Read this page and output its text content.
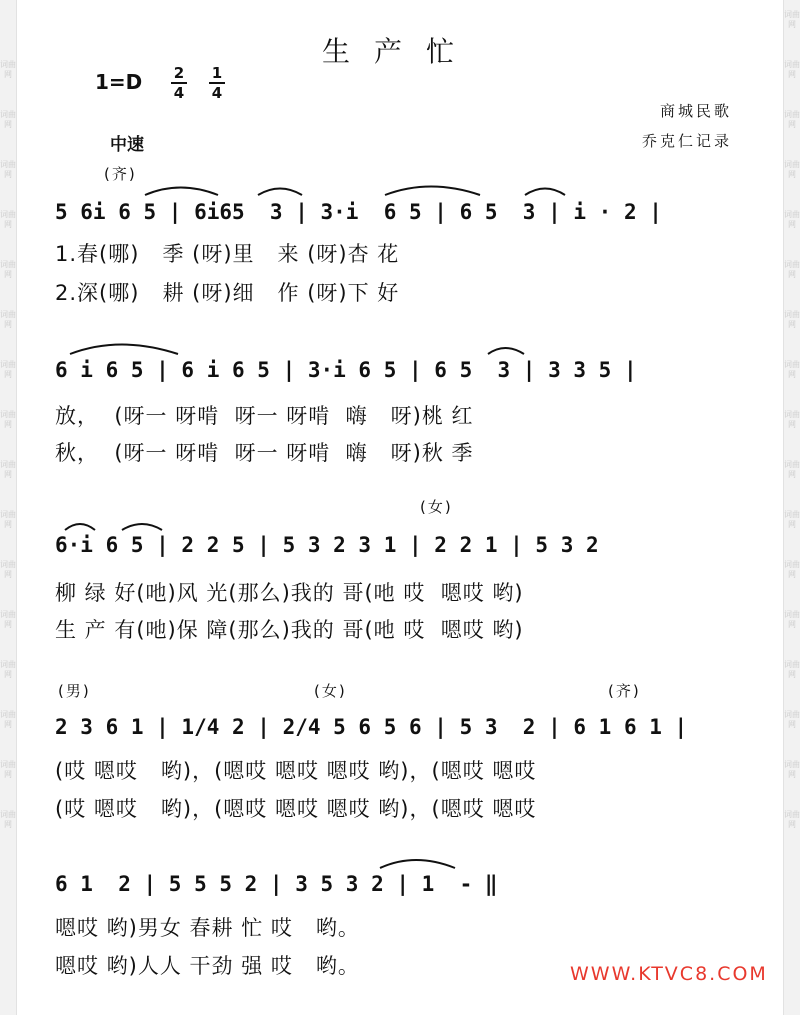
词曲网
词曲网
词曲网
词曲网
词曲网
词曲网
词曲网
词曲网
词曲网
词曲网
词曲网
词曲网
词曲网
词曲网
词曲网
词曲网
词曲网
词曲网
词曲网
词曲网
词曲网
词曲网
词曲网
词曲网
词曲网
词曲网
词曲网
词曲网
词曲网
词曲网
词曲网
词曲网
词曲网
生产忙
1=D 2
4
1
4
商城民歌
乔克仁记录
中速
(齐)
5 6i 6 5 | 6i65  3 | 3·i  6 5 | 6 5  3 | i · 2 |
1.春(哪)   季 (呀)里   来 (呀)杏 花
2.深(哪)   耕 (呀)细   作 (呀)下 好
6 i 6 5 | 6 i 6 5 | 3·i 6 5 | 6 5  3 | 3 3 5 |
放，  (呀一 呀啃  呀一 呀啃  嗨   呀)桃 红
秋，  (呀一 呀啃  呀一 呀啃  嗨   呀)秋 季
(女)
6·i 6 5 | 2 2 5 | 5 3 2 3 1 | 2 2 1 | 5 3 2
柳 绿 好(吔)风 光(那么)我的 哥(吔 哎  嗯哎 哟)
生 产 有(吔)保 障(那么)我的 哥(吔 哎  嗯哎 哟)
(男)	(女)	(齐)
2 3 6 1 | 1/4 2 | 2/4 5 6 5 6 | 5 3  2 | 6 1 6 1 |
(哎 嗯哎   哟)，(嗯哎 嗯哎 嗯哎 哟)，(嗯哎 嗯哎
(哎 嗯哎   哟)，(嗯哎 嗯哎 嗯哎 哟)，(嗯哎 嗯哎
6 1  2 | 5 5 5 2 | 3 5 3 2 | 1  - ‖
嗯哎 哟)男女 春耕 忙 哎   哟。
嗯哎 哟)人人 干劲 强 哎   哟。	WWW.KTVC8.COM
